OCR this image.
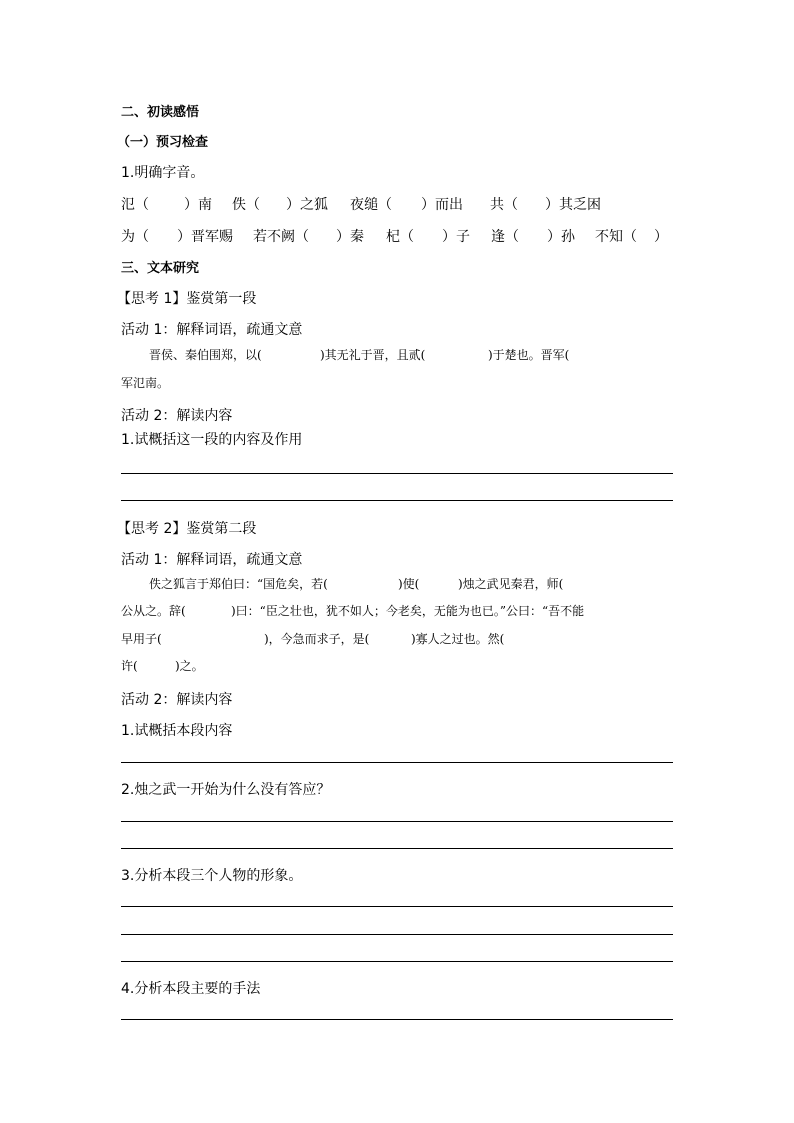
二、初读感悟
（一）预习检查
1.明确字音。
氾（	）南 佚（ ）之狐 夜缒（ ）而出 共（ ）其乏困
为（ ）晋军赐 若不阙（ ）秦 杞（ ）子 逢（ ）孙 不知（ ）
三、文本研究
【思考 1】鉴赏第一段
活动 1：解释词语，疏通文意
晋侯、秦伯围郑，以(	)其无礼于晋，且贰(	)于楚也。晋军(
军氾南。
活动 2：解读内容
1.试概括这一段的内容及作用
【思考 2】鉴赏第二段
活动 1：解释词语，疏通文意
佚之狐言于郑伯曰：“国危矣，若(	)使(	)烛之武见秦君，师(
公从之。辞(	)曰：“臣之壮也，犹不如人；今老矣，无能为也已。”公曰：“吾不能
早用子(	)，今急而求子，是(	)寡人之过也。然(
许(	)之。
活动 2：解读内容
1.试概括本段内容
2.烛之武一开始为什么没有答应？
3.分析本段三个人物的形象。
4.分析本段主要的手法
